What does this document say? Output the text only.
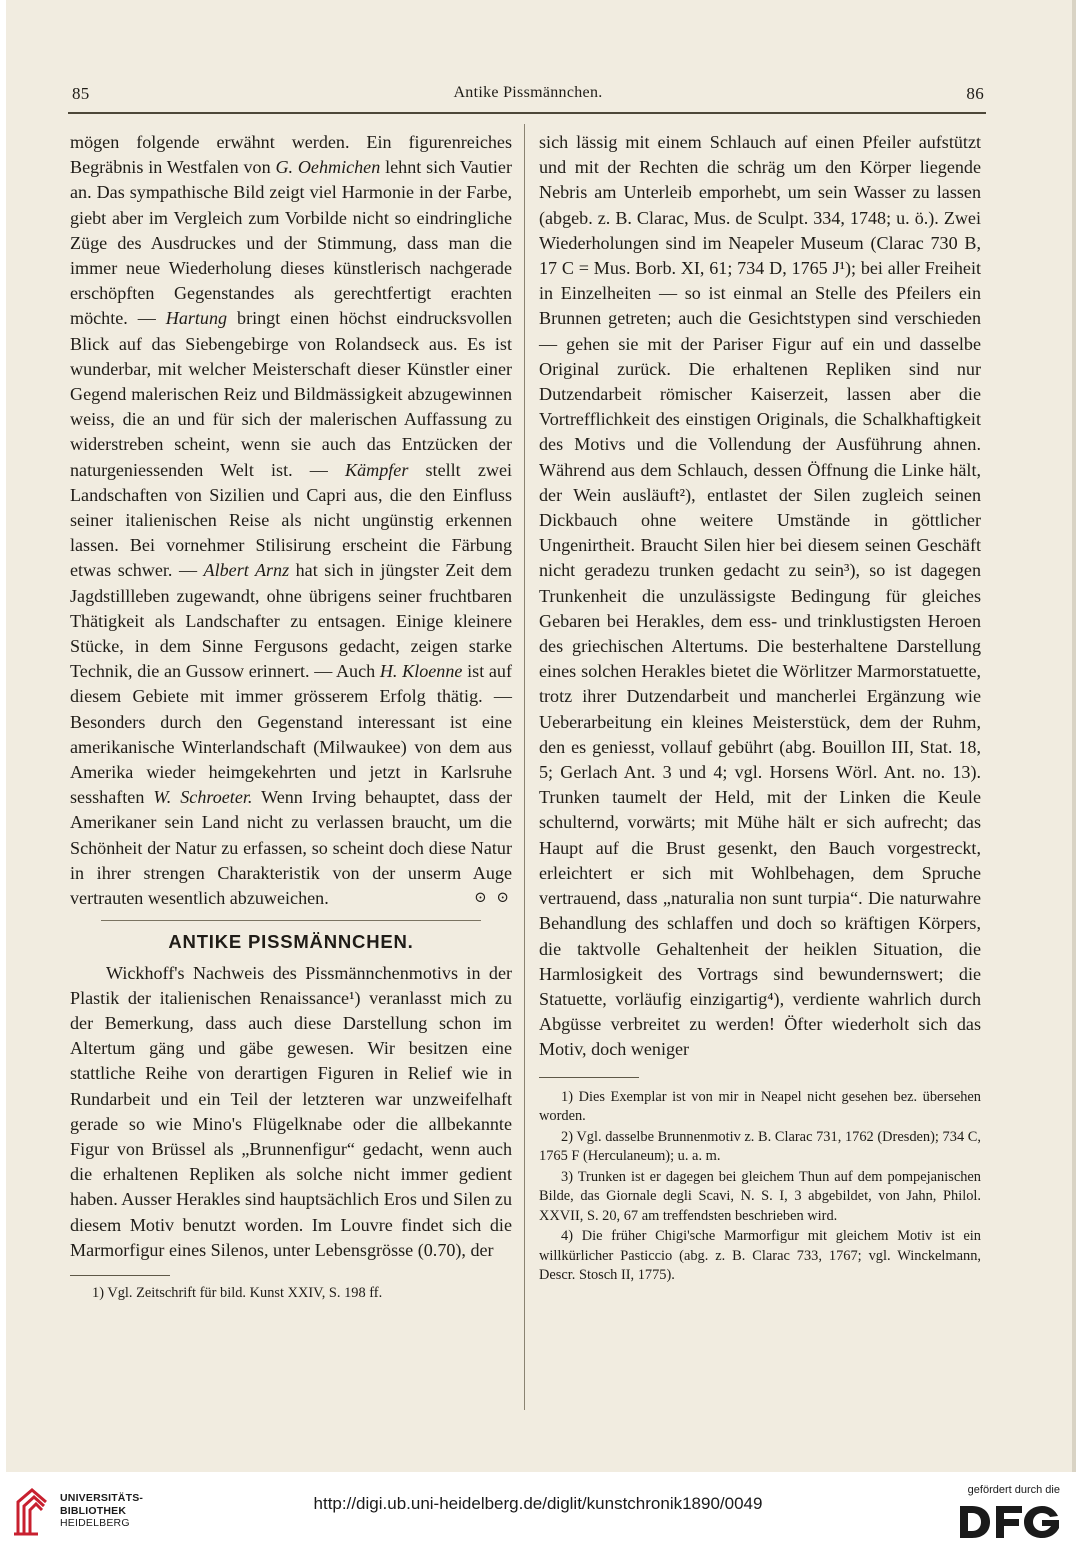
85	Antike Pissmännchen.	86

mögen folgende erwähnt werden. Ein figurenreiches Begräbnis in Westfalen von G. Oehmichen lehnt sich Vautier an. Das sympathische Bild zeigt viel Harmonie in der Farbe, giebt aber im Vergleich zum Vorbilde nicht so eindringliche Züge des Ausdruckes und der Stimmung, dass man die immer neue Wiederholung dieses künstlerisch nachgerade erschöpften Gegenstandes als gerechtfertigt erachten möchte. — Hartung bringt einen höchst eindrucksvollen Blick auf das Siebengebirge von Rolandseck aus. Es ist wunderbar, mit welcher Meisterschaft dieser Künstler einer Gegend malerischen Reiz und Bildmässigkeit abzugewinnen weiss, die an und für sich der malerischen Auffassung zu widerstreben scheint, wenn sie auch das Entzücken der naturgeniessenden Welt ist. — Kämpfer stellt zwei Landschaften von Sizilien und Capri aus, die den Einfluss seiner italienischen Reise als nicht ungünstig erkennen lassen. Bei vornehmer Stilisirung erscheint die Färbung etwas schwer. — Albert Arnz hat sich in jüngster Zeit dem Jagdstillleben zugewandt, ohne übrigens seiner fruchtbaren Thätigkeit als Landschafter zu entsagen. Einige kleinere Stücke, in dem Sinne Fergusons gedacht, zeigen starke Technik, die an Gussow erinnert. — Auch H. Kloenne ist auf diesem Gebiete mit immer grösserem Erfolg thätig. — Besonders durch den Gegenstand interessant ist eine amerikanische Winterlandschaft (Milwaukee) von dem aus Amerika wieder heimgekehrten und jetzt in Karlsruhe sesshaften W. Schroeter. Wenn Irving behauptet, dass der Amerikaner sein Land nicht zu verlassen braucht, um die Schönheit der Natur zu erfassen, so scheint doch diese Natur in ihrer strengen Charakteristik von der unserm Auge vertrauten wesentlich abzuweichen.	⊙ ⊙

ANTIKE PISSMÄNNCHEN.

Wickhoff's Nachweis des Pissmännchenmotivs in der Plastik der italienischen Renaissance¹) veranlasst mich zu der Bemerkung, dass auch diese Darstellung schon im Altertum gäng und gäbe gewesen. Wir besitzen eine stattliche Reihe von derartigen Figuren in Relief wie in Rundarbeit und ein Teil der letzteren war unzweifelhaft gerade so wie Mino's Flügelknabe oder die allbekannte Figur von Brüssel als „Brunnenfigur“ gedacht, wenn auch die erhaltenen Repliken als solche nicht immer gedient haben. Ausser Herakles sind hauptsächlich Eros und Silen zu diesem Motiv benutzt worden. Im Louvre findet sich die Marmorfigur eines Silenos, unter Lebensgrösse (0.70), der

1) Vgl. Zeitschrift für bild. Kunst XXIV, S. 198 ff.

sich lässig mit einem Schlauch auf einen Pfeiler aufstützt und mit der Rechten die schräg um den Körper liegende Nebris am Unterleib emporhebt, um sein Wasser zu lassen (abgeb. z. B. Clarac, Mus. de Sculpt. 334, 1748; u. ö.). Zwei Wiederholungen sind im Neapeler Museum (Clarac 730 B, 17 C = Mus. Borb. XI, 61; 734 D, 1765 J¹); bei aller Freiheit in Einzelheiten — so ist einmal an Stelle des Pfeilers ein Brunnen getreten; auch die Gesichtstypen sind verschieden — gehen sie mit der Pariser Figur auf ein und dasselbe Original zurück. Die erhaltenen Repliken sind nur Dutzendarbeit römischer Kaiserzeit, lassen aber die Vortrefflichkeit des einstigen Originals, die Schalkhaftigkeit des Motivs und die Vollendung der Ausführung ahnen. Während aus dem Schlauch, dessen Öffnung die Linke hält, der Wein ausläuft²), entlastet der Silen zugleich seinen Dickbauch ohne weitere Umstände in göttlicher Ungenirtheit. Braucht Silen hier bei diesem seinen Geschäft nicht geradezu trunken gedacht zu sein³), so ist dagegen Trunkenheit die unzulässigste Bedingung für gleiches Gebaren bei Herakles, dem ess- und trinklustigsten Heroen des griechischen Altertums. Die besterhaltene Darstellung eines solchen Herakles bietet die Wörlitzer Marmorstatuette, trotz ihrer Dutzendarbeit und mancherlei Ergänzung wie Ueberarbeitung ein kleines Meisterstück, dem der Ruhm, den es geniesst, vollauf gebührt (abg. Bouillon III, Stat. 18, 5; Gerlach Ant. 3 und 4; vgl. Horsens Wörl. Ant. no. 13). Trunken taumelt der Held, mit der Linken die Keule schulternd, vorwärts; mit Mühe hält er sich aufrecht; das Haupt auf die Brust gesenkt, den Bauch vorgestreckt, erleichtert er sich mit Wohlbehagen, dem Spruche vertrauend, dass „naturalia non sunt turpia“. Die naturwahre Behandlung des schlaffen und doch so kräftigen Körpers, die taktvolle Gehaltenheit der heiklen Situation, die Harmlosigkeit des Vortrags sind bewundernswert; die Statuette, vorläufig einzigartig⁴), verdiente wahrlich durch Abgüsse verbreitet zu werden! Öfter wiederholt sich das Motiv, doch weniger

1) Dies Exemplar ist von mir in Neapel nicht gesehen bez. übersehen worden.

2) Vgl. dasselbe Brunnenmotiv z. B. Clarac 731, 1762 (Dresden); 734 C, 1765 F (Herculaneum); u. a. m.

3) Trunken ist er dagegen bei gleichem Thun auf dem pompejanischen Bilde, das Giornale degli Scavi, N. S. I, 3 abgebildet, von Jahn, Philol. XXVII, S. 20, 67 am treffendsten beschrieben wird.

4) Die früher Chigi'sche Marmorfigur mit gleichem Motiv ist ein willkürlicher Pasticcio (abg. z. B. Clarac 733, 1767; vgl. Winckelmann, Descr. Stosch II, 1775).

UNIVERSITÄTS-
BIBLIOTHEK
HEIDELBERG
http://digi.ub.uni-heidelberg.de/diglit/kunstchronik1890/0049
gefördert durch die
